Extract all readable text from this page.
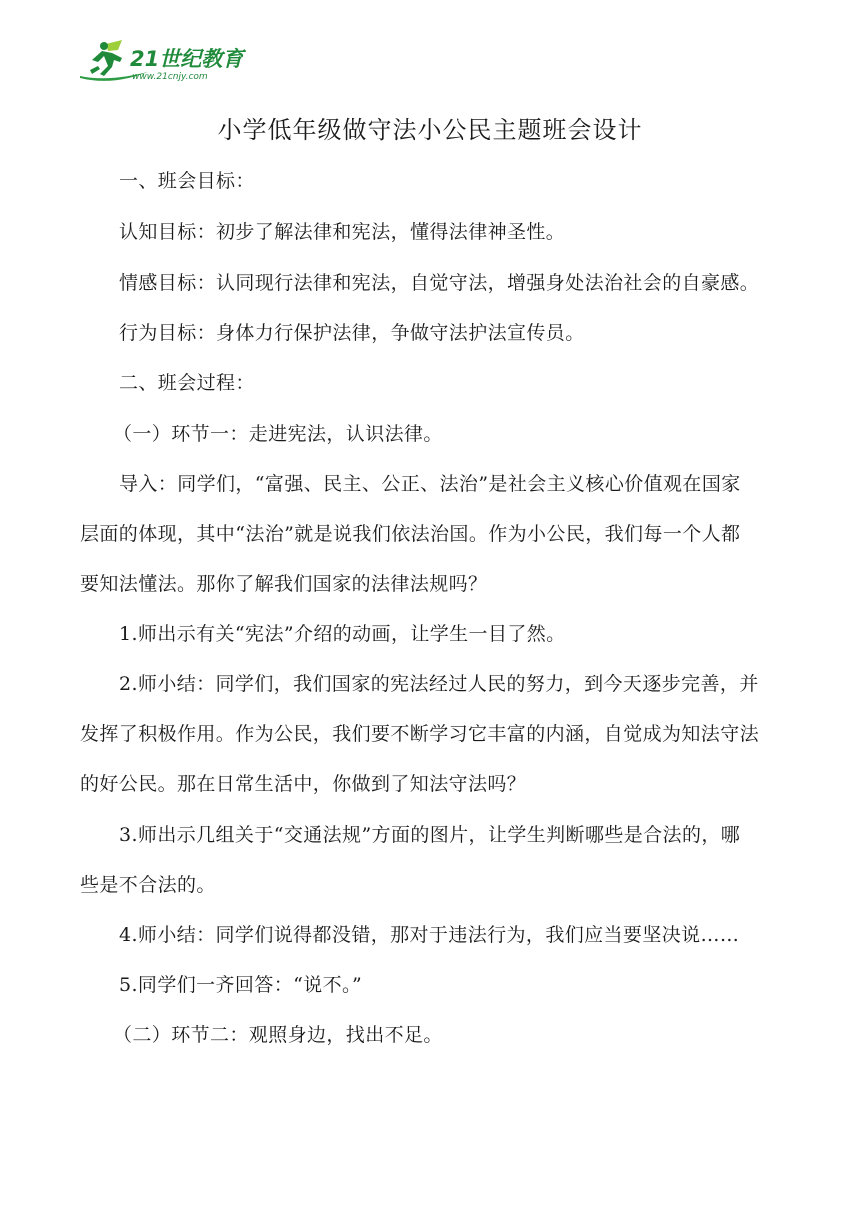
21世纪教育
www.21cnjy.com
小学低年级做守法小公民主题班会设计
一、班会目标：
认知目标：初步了解法律和宪法，懂得法律神圣性。
情感目标：认同现行法律和宪法，自觉守法，增强身处法治社会的自豪感。
行为目标：身体力行保护法律，争做守法护法宣传员。
二、班会过程：
（一）环节一：走进宪法，认识法律。
导入：同学们，“富强、民主、公正、法治”是社会主义核心价值观在国家
层面的体现，其中“法治”就是说我们依法治国。作为小公民，我们每一个人都
要知法懂法。那你了解我们国家的法律法规吗？
1.师出示有关“宪法”介绍的动画，让学生一目了然。
2.师小结：同学们，我们国家的宪法经过人民的努力，到今天逐步完善，并
发挥了积极作用。作为公民，我们要不断学习它丰富的内涵，自觉成为知法守法
的好公民。那在日常生活中，你做到了知法守法吗？
3.师出示几组关于“交通法规”方面的图片，让学生判断哪些是合法的，哪
些是不合法的。
4.师小结：同学们说得都没错，那对于违法行为，我们应当要坚决说……
5.同学们一齐回答：“说不。”
（二）环节二：观照身边，找出不足。
